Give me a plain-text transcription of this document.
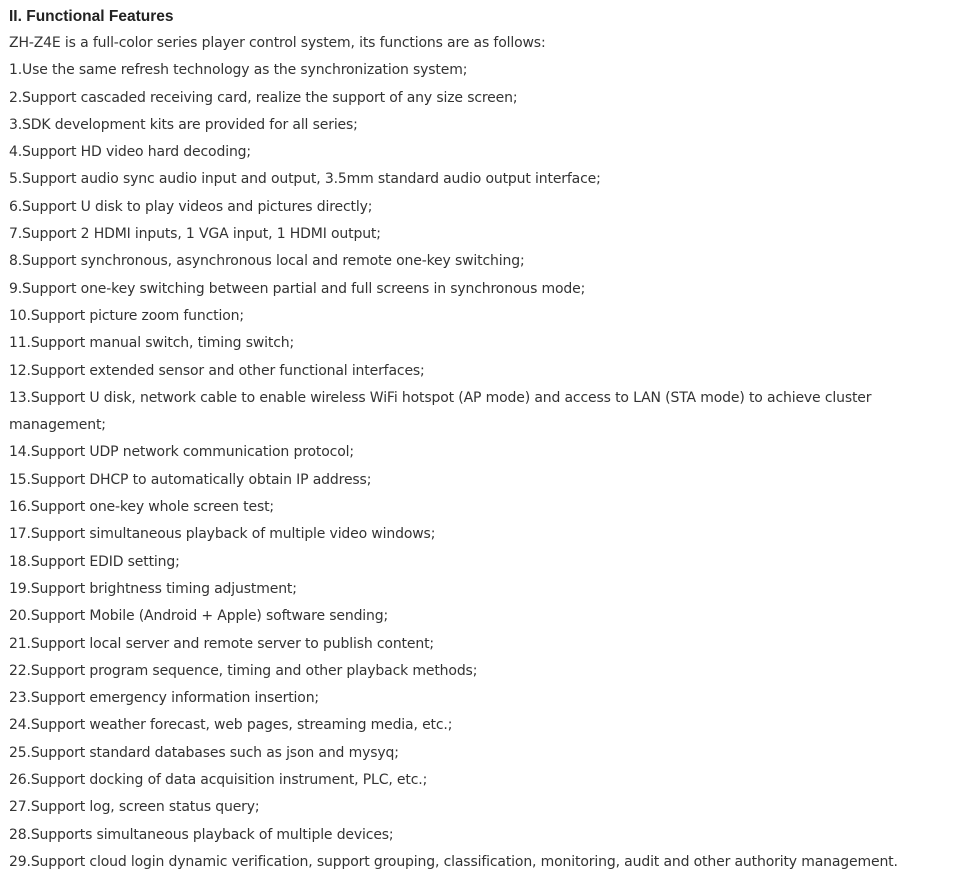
II. Functional Features
ZH-Z4E is a full-color series player control system, its functions are as follows:
1.Use the same refresh technology as the synchronization system;
2.Support cascaded receiving card, realize the support of any size screen;
3.SDK development kits are provided for all series;
4.Support HD video hard decoding;
5.Support audio sync audio input and output, 3.5mm standard audio output interface;
6.Support U disk to play videos and pictures directly;
7.Support 2 HDMI inputs, 1 VGA input, 1 HDMI output;
8.Support synchronous, asynchronous local and remote one-key switching;
9.Support one-key switching between partial and full screens in synchronous mode;
10.Support picture zoom function;
11.Support manual switch, timing switch;
12.Support extended sensor and other functional interfaces;
13.Support U disk, network cable to enable wireless WiFi hotspot (AP mode) and access to LAN (STA mode) to achieve cluster
management;
14.Support UDP network communication protocol;
15.Support DHCP to automatically obtain IP address;
16.Support one-key whole screen test;
17.Support simultaneous playback of multiple video windows;
18.Support EDID setting;
19.Support brightness timing adjustment;
20.Support Mobile (Android + Apple) software sending;
21.Support local server and remote server to publish content;
22.Support program sequence, timing and other playback methods;
23.Support emergency information insertion;
24.Support weather forecast, web pages, streaming media, etc.;
25.Support standard databases such as json and mysyq;
26.Support docking of data acquisition instrument, PLC, etc.;
27.Support log, screen status query;
28.Supports simultaneous playback of multiple devices;
29.Support cloud login dynamic verification, support grouping, classification, monitoring, audit and other authority management.
